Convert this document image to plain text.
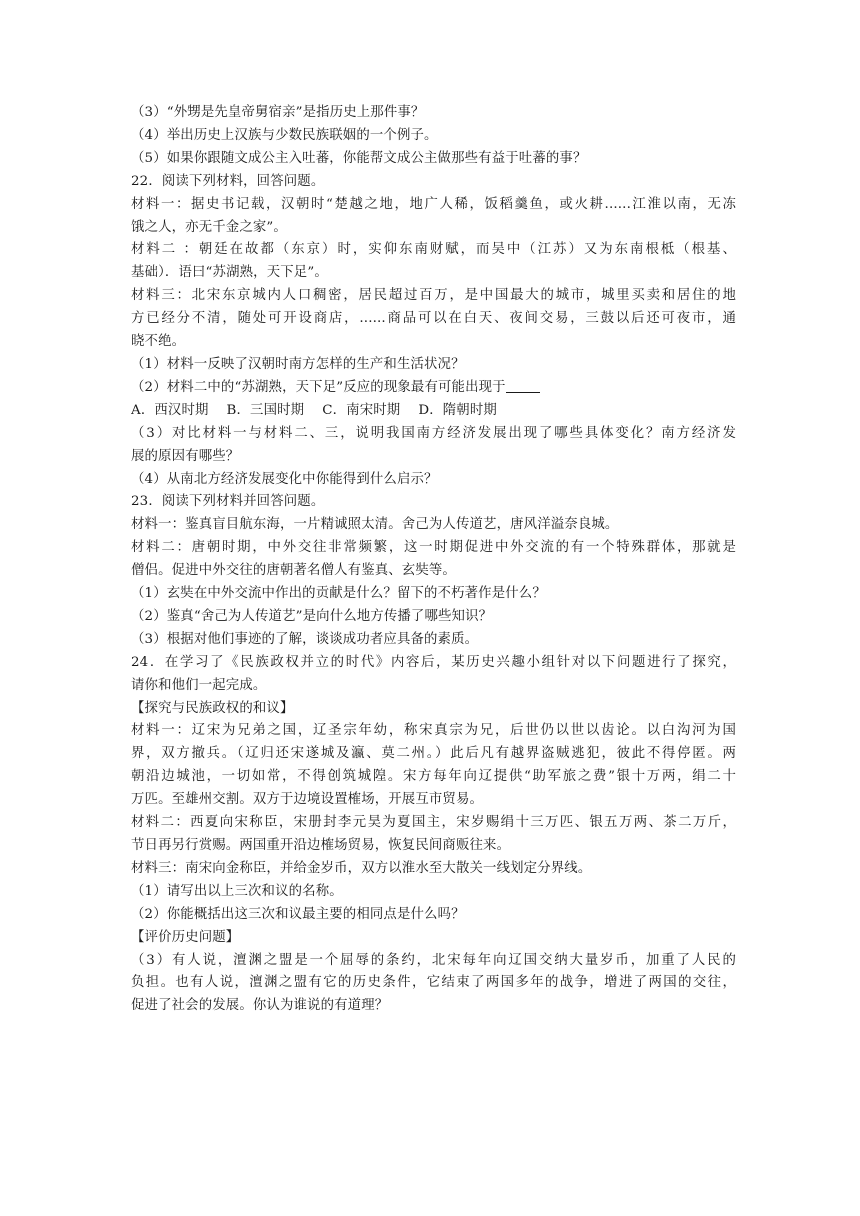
（3）“外甥是先皇帝舅宿亲”是指历史上那件事？
（4）举出历史上汉族与少数民族联姻的一个例子。
（5）如果你跟随文成公主入吐蕃，你能帮文成公主做那些有益于吐蕃的事？
22．阅读下列材料，回答问题。
材料一：据史书记载，汉朝时“楚越之地，地广人稀，饭稻羹鱼，或火耕......江淮以南，无冻
饿之人，亦无千金之家”。
材料二 ：朝廷在故都（东京）时，实仰东南财赋，而吴中（江苏）又为东南根柢（根基、
基础）．语曰“苏湖熟，天下足”。
材料三：北宋东京城内人口稠密，居民超过百万，是中国最大的城市，城里买卖和居住的地
方已经分不清，随处可开设商店，......商品可以在白天、夜间交易，三鼓以后还可夜市，通
晓不绝。
（1）材料一反映了汉朝时南方怎样的生产和生活状况？
（2）材料二中的“苏湖熟，天下足”反应的现象最有可能出现于
A．西汉时期 B．三国时期 C．南宋时期 D．隋朝时期
（3）对比材料一与材料二、三，说明我国南方经济发展出现了哪些具体变化？南方经济发
展的原因有哪些？
（4）从南北方经济发展变化中你能得到什么启示？
23．阅读下列材料并回答问题。
材料一：鉴真盲目航东海，一片精诚照太清。舍己为人传道艺，唐风洋溢奈良城。
材料二：唐朝时期，中外交往非常频繁，这一时期促进中外交流的有一个特殊群体，那就是
僧侣。促进中外交往的唐朝著名僧人有鉴真、玄奘等。
（1）玄奘在中外交流中作出的贡献是什么？留下的不朽著作是什么？
（2）鉴真“舍己为人传道艺”是向什么地方传播了哪些知识？
（3）根据对他们事迹的了解，谈谈成功者应具备的素质。
24．在学习了《民族政权并立的时代》内容后，某历史兴趣小组针对以下问题进行了探究，
请你和他们一起完成。
【探究与民族政权的和议】
材料一：辽宋为兄弟之国，辽圣宗年幼，称宋真宗为兄，后世仍以世以齿论。以白沟河为国
界，双方撤兵。（辽归还宋遂城及瀛、莫二州。）此后凡有越界盗贼逃犯，彼此不得停匿。两
朝沿边城池，一切如常，不得创筑城隍。宋方每年向辽提供“助军旅之费”银十万两，绢二十
万匹。至雄州交割。双方于边境设置榷场，开展互市贸易。
材料二：西夏向宋称臣，宋册封李元昊为夏国主，宋岁赐绢十三万匹、银五万两、茶二万斤，
节日再另行赏赐。两国重开沿边榷场贸易，恢复民间商贩往来。
材料三：南宋向金称臣，并给金岁币，双方以淮水至大散关一线划定分界线。
（1）请写出以上三次和议的名称。
（2）你能概括出这三次和议最主要的相同点是什么吗？
【评价历史问题】
（3）有人说，澶渊之盟是一个屈辱的条约，北宋每年向辽国交纳大量岁币，加重了人民的
负担。也有人说，澶渊之盟有它的历史条件，它结束了两国多年的战争，增进了两国的交往，
促进了社会的发展。你认为谁说的有道理？
